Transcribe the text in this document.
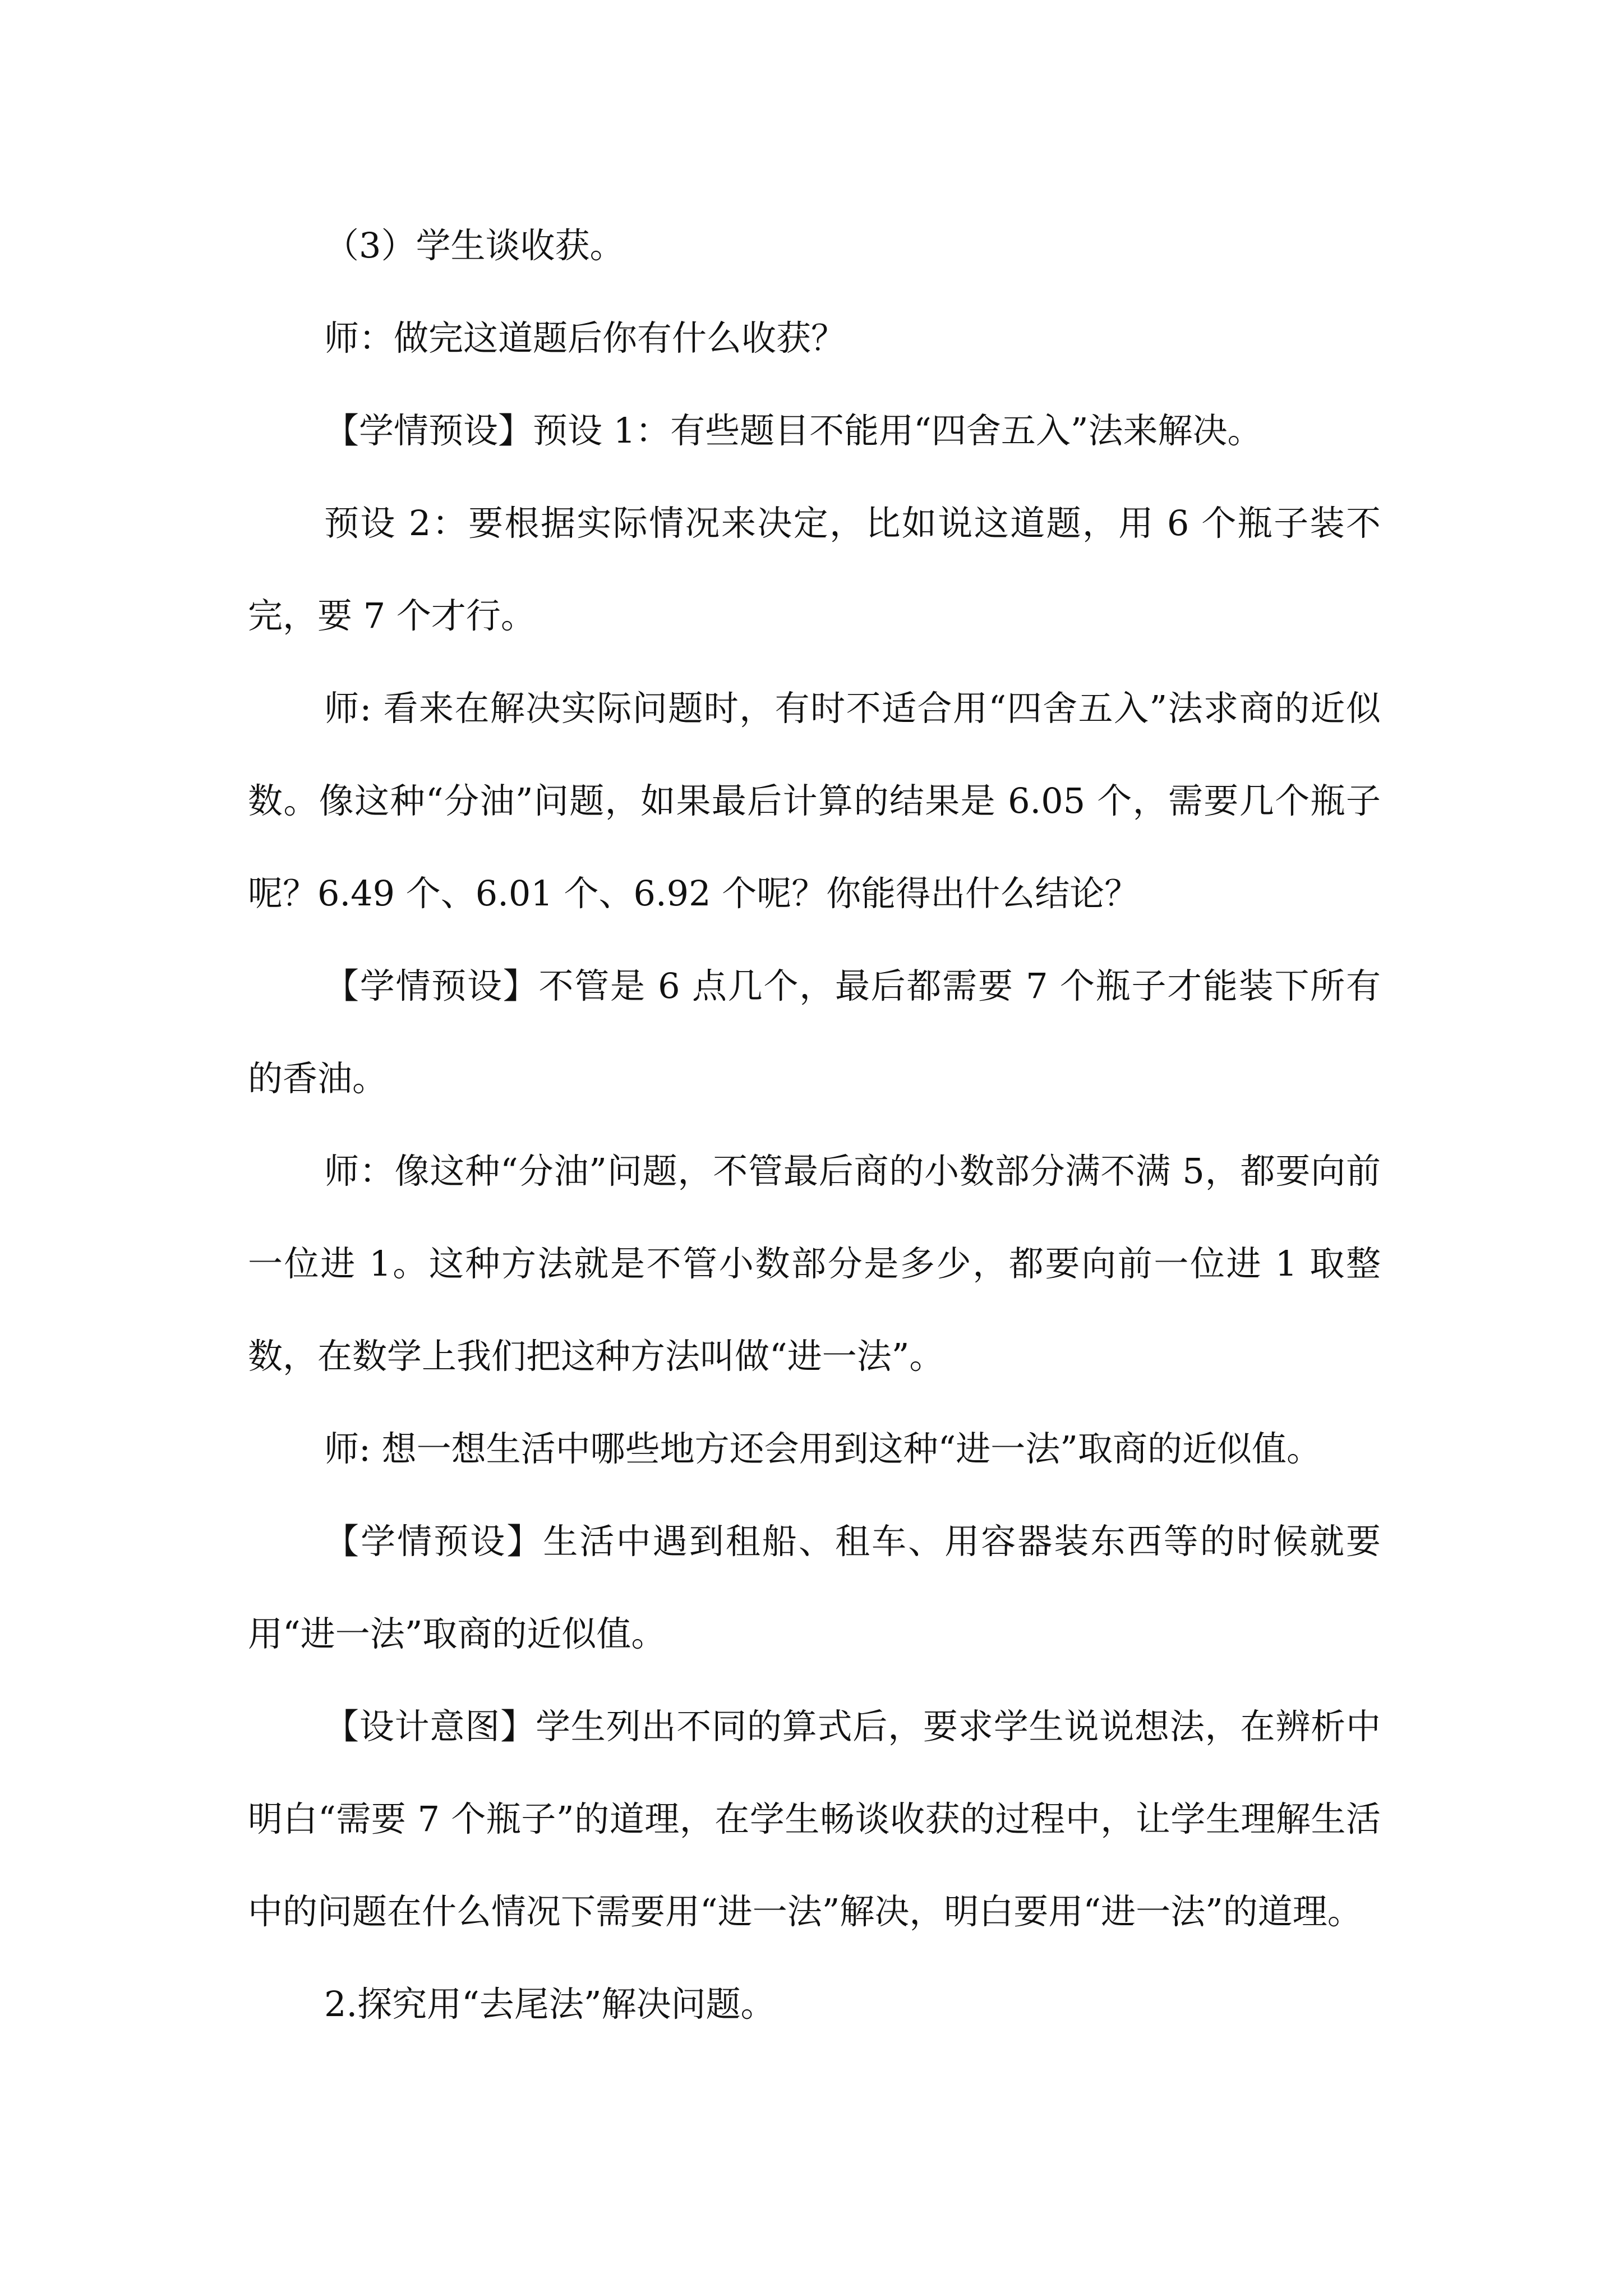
（3）学生谈收获。

师：做完这道题后你有什么收获？

【学情预设】预设 1：有些题目不能用“四舍五入”法来解决。

预设 2：要根据实际情况来决定，比如说这道题，用 6 个瓶子装不完，要 7 个才行。

师: 看来在解决实际问题时，有时不适合用“四舍五入”法求商的近似数。像这种“分油”问题，如果最后计算的结果是 6.05 个，需要几个瓶子呢？6.49 个、6.01 个、6.92 个呢？你能得出什么结论？

【学情预设】不管是 6 点几个，最后都需要 7 个瓶子才能装下所有的香油。

师：像这种“分油”问题，不管最后商的小数部分满不满 5，都要向前一位进 1。这种方法就是不管小数部分是多少，都要向前一位进 1 取整数，在数学上我们把这种方法叫做“进一法”。

师: 想一想生活中哪些地方还会用到这种“进一法”取商的近似值。

【学情预设】生活中遇到租船、租车、用容器装东西等的时候就要用“进一法”取商的近似值。

【设计意图】学生列出不同的算式后，要求学生说说想法，在辨析中明白“需要 7 个瓶子”的道理，在学生畅谈收获的过程中，让学生理解生活中的问题在什么情况下需要用“进一法”解决，明白要用“进一法”的道理。

2.探究用“去尾法”解决问题。
